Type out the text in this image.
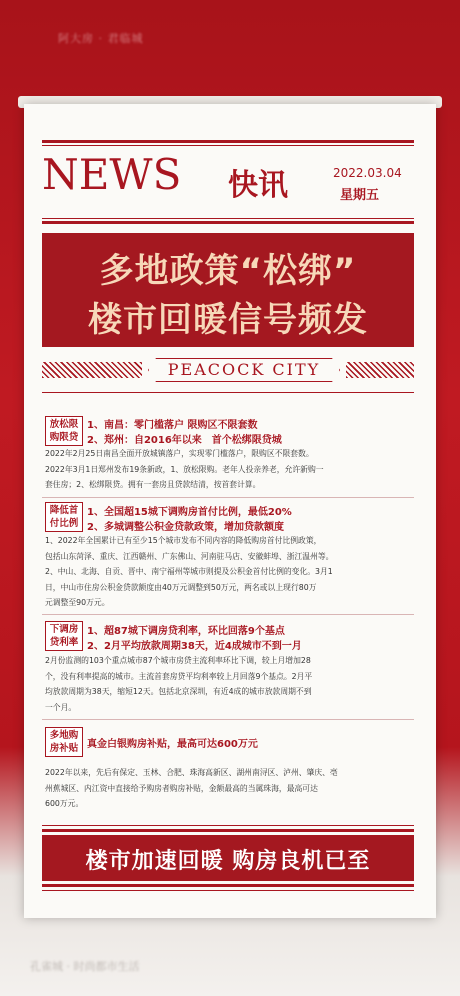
阿大房 · 君临城
NEWS 快讯	2022.03.04
星期五
多地政策“松绑”
楼市回暖信号频发
PEACOCK CITY
放松限购限贷
1、南昌：零门槛落户 限购区不限套数
2、郑州：自2016年以来　首个松绑限贷城
2022年2月25日南昌全面开放城镇落户，实现零门槛落户，限购区不限套数。
2022年3月1日郑州发布19条新政，1、放松限购。老年人投亲养老，允许新购一
套住房；2、松绑限贷。拥有一套房且贷款结清，按首套计算。
降低首付比例
1、全国超15城下调购房首付比例，最低20%
2、多城调整公积金贷款政策，增加贷款额度
1、2022年全国累计已有至少15个城市发布不同内容的降低购房首付比例政策，
包括山东菏泽、重庆、江西赣州、广东佛山、河南驻马店、安徽蚌埠、浙江温州等。
2、中山、北海、自贡、晋中、南宁福州等城市则提及公积金首付比例的变化。3月1
日，中山市住房公积金贷款额度由40万元调整到50万元，两名或以上现行80万
元调整至90万元。
下调房贷利率
1、超87城下调房贷利率，环比回落9个基点
2、2月平均放款周期38天，近4成城市不到一月
2月份监测的103个重点城市87个城市房贷主流利率环比下调，较上月增加28
个，没有利率提高的城市。主流首套房贷平均利率较上月回落9个基点。2月平
均放款周期为38天，缩短12天。包括北京深圳，有近4成的城市放款周期不到
一个月。
多地购房补贴 真金白银购房补贴，最高可达600万元
2022年以来，先后有保定、玉林、合肥、珠海高新区、湖州南浔区、泸州、肇庆、亳
州蕉城区、内江资中直接给予购房者购房补贴，金额最高的当属珠海，最高可达
600万元。
楼市加速回暖 购房良机已至
孔雀城 · 时尚都市生活
